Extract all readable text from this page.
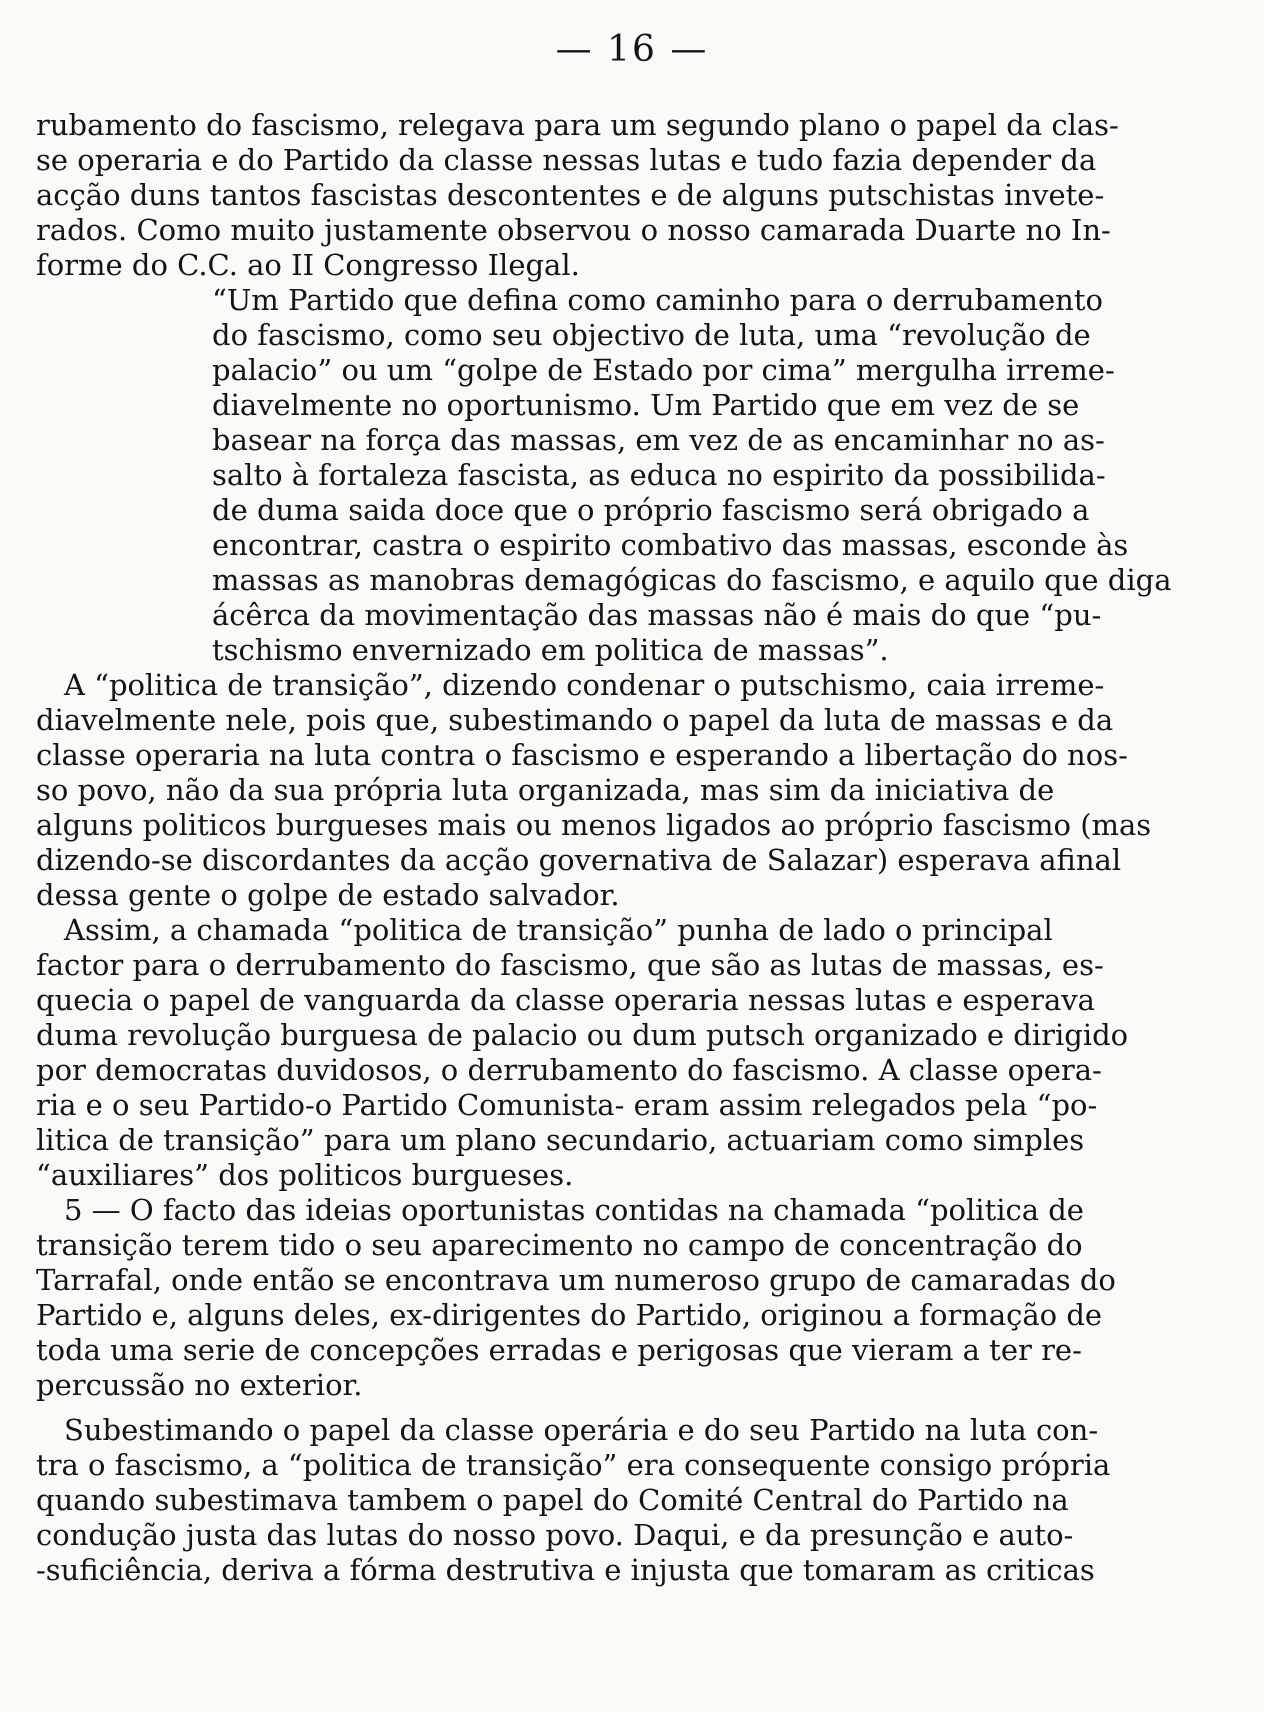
— 16 —
rubamento do fascismo, relegava para um segundo plano o papel da clas-
se operaria e do Partido da classe nessas lutas e tudo fazia depender da
acção duns tantos fascistas descontentes e de alguns putschistas invete-
rados. Como muito justamente observou o nosso camarada Duarte no In-
forme do C.C. ao II Congresso Ilegal.
“Um Partido que defina como caminho para o derrubamento
do fascismo, como seu objectivo de luta, uma “revolução de
palacio” ou um “golpe de Estado por cima” mergulha irreme-
diavelmente no oportunismo. Um Partido que em vez de se
basear na força das massas, em vez de as encaminhar no as-
salto à fortaleza fascista, as educa no espirito da possibilida-
de duma saida doce que o próprio fascismo será obrigado a
encontrar, castra o espirito combativo das massas, esconde às
massas as manobras demagógicas do fascismo, e aquilo que diga
ácêrca da movimentação das massas não é mais do que “pu-
tschismo envernizado em politica de massas”.
A “politica de transição”, dizendo condenar o putschismo, caia irreme-
diavelmente nele, pois que, subestimando o papel da luta de massas e da
classe operaria na luta contra o fascismo e esperando a libertação do nos-
so povo, não da sua própria luta organizada, mas sim da iniciativa de
alguns politicos burgueses mais ou menos ligados ao próprio fascismo (mas
dizendo-se discordantes da acção governativa de Salazar) esperava afinal
dessa gente o golpe de estado salvador.
Assim, a chamada “politica de transição” punha de lado o principal
factor para o derrubamento do fascismo, que são as lutas de massas, es-
quecia o papel de vanguarda da classe operaria nessas lutas e esperava
duma revolução burguesa de palacio ou dum putsch organizado e dirigido
por democratas duvidosos, o derrubamento do fascismo. A classe opera-
ria e o seu Partido-o Partido Comunista- eram assim relegados pela “po-
litica de transição” para um plano secundario, actuariam como simples
“auxiliares” dos politicos burgueses.
5 — O facto das ideias oportunistas contidas na chamada “politica de
transição terem tido o seu aparecimento no campo de concentração do
Tarrafal, onde então se encontrava um numeroso grupo de camaradas do
Partido e, alguns deles, ex-dirigentes do Partido, originou a formação de
toda uma serie de concepções erradas e perigosas que vieram a ter re-
percussão no exterior.
Subestimando o papel da classe operária e do seu Partido na luta con-
tra o fascismo, a “politica de transição” era consequente consigo própria
quando subestimava tambem o papel do Comité Central do Partido na
condução justa das lutas do nosso povo. Daqui, e da presunção e auto-
-suficiência, deriva a fórma destrutiva e injusta que tomaram as criticas
